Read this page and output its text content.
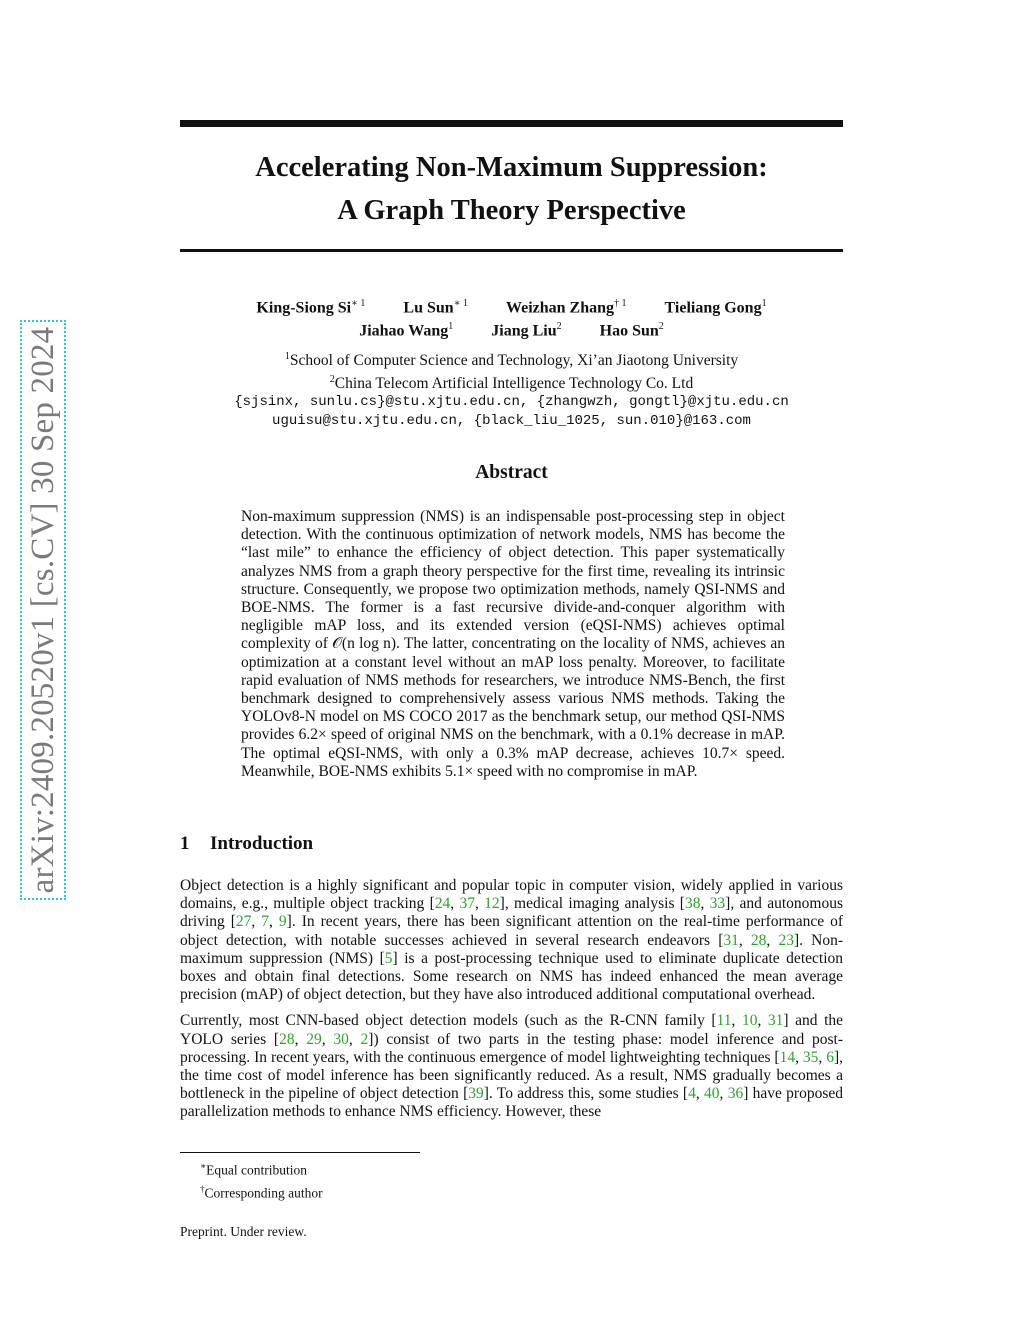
arXiv:2409.20520v1 [cs.CV] 30 Sep 2024
Accelerating Non-Maximum Suppression:
A Graph Theory Perspective
King-Siong $Si^{∗ 1}$ Lu Sun$^{∗ 1}$ Weizhan Zhang$^{\dagger 1}$ Tieliang Gong$^1$
Jiahao Wang$^1$ Jiang Liu$^2$ Hao Sun$^2$
$^1$School of Computer Science and Technology, Xi’an Jiaotong University
$^2$China Telecom Artificial Intelligence Technology Co. Ltd
{sjsinx, sunlu.cs}@stu.xjtu.edu.cn, {zhangwzh, gongtl}@xjtu.edu.cn
uguisu@stu.xjtu.edu.cn, {black_liu_1025, sun.010}@163.com
Abstract
Non-maximum suppression (NMS) is an indispensable post-processing step in object detection. With the continuous optimization of network models, NMS has become the “last mile” to enhance the efficiency of object detection. This paper systematically analyzes NMS from a graph theory perspective for the first time, revealing its intrinsic structure. Consequently, we propose two optimization methods, namely QSI-NMS and BOE-NMS. The former is a fast recursive divide-and-conquer algorithm with negligible mAP loss, and its extended version (eQSI-NMS) achieves optimal complexity of 𝒪(n log n). The latter, concentrating on the locality of NMS, achieves an optimization at a constant level without an mAP loss penalty. Moreover, to facilitate rapid evaluation of NMS methods for researchers, we introduce NMS-Bench, the first benchmark designed to comprehensively assess various NMS methods. Taking the YOLOv8-N model on MS COCO 2017 as the benchmark setup, our method QSI-NMS provides 6.2× speed of original NMS on the benchmark, with a 0.1% decrease in mAP. The optimal eQSI-NMS, with only a 0.3% mAP decrease, achieves 10.7× speed. Meanwhile, BOE-NMS exhibits 5.1× speed with no compromise in mAP.
1 Introduction

Object detection is a highly significant and popular topic in computer vision, widely applied in various domains, e.g., multiple object tracking [24, 37, 12], medical imaging analysis [38, 33], and autonomous driving [27, 7, 9]. In recent years, there has been significant attention on the real-time performance of object detection, with notable successes achieved in several research endeavors [31, 28, 23]. Non-maximum suppression (NMS) [5] is a post-processing technique used to eliminate duplicate detection boxes and obtain final detections. Some research on NMS has indeed enhanced the mean average precision (mAP) of object detection, but they have also introduced additional computational overhead.

Currently, most CNN-based object detection models (such as the R-CNN family [11, 10, 31] and the YOLO series [28, 29, 30, 2]) consist of two parts in the testing phase: model inference and post-processing. In recent years, with the continuous emergence of model lightweighting techniques [14, 35, 6], the time cost of model inference has been significantly reduced. As a result, NMS gradually becomes a bottleneck in the pipeline of object detection [39]. To address this, some studies [4, 40, 36] have proposed parallelization methods to enhance NMS efficiency. However, these

∗Equal contribution
†Corresponding author
Preprint. Under review.
